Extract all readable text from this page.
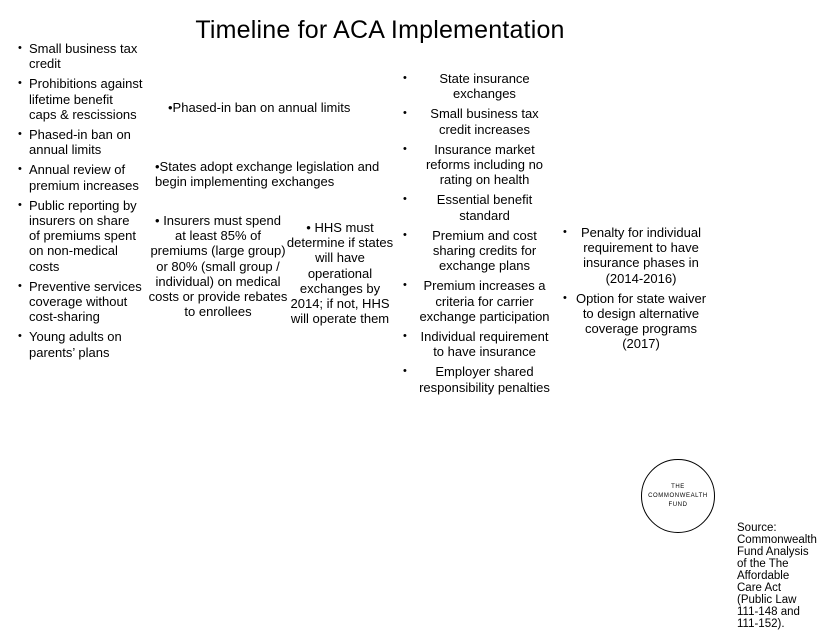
Timeline for ACA Implementation
• Small business tax credit
• Prohibitions against lifetime benefit caps & rescissions
• Phased-in ban on annual limits
• Annual review of premium increases
• Public reporting by insurers on share of premiums spent on non-medical costs
• Preventive services coverage without cost-sharing
• Young adults on parents’ plans
•Phased-in ban on annual limits
•States adopt exchange legislation and begin implementing exchanges
• Insurers must spend at least 85% of premiums (large group) or 80% (small group / individual) on medical costs or provide rebates to enrollees
• HHS must determine if states will have operational exchanges by 2014; if not, HHS will operate them
• State insurance exchanges
• Small business tax credit increases
• Insurance market reforms including no rating on health
• Essential benefit standard
• Premium and cost sharing credits for exchange plans
• Premium increases a criteria for carrier exchange participation
• Individual requirement to have insurance
• Employer shared responsibility penalties
• Penalty for individual requirement to have insurance phases in (2014-2016)
• Option for state waiver to design alternative coverage programs (2017)
THE
COMMONWEALTH
FUND
Source: Commonwealth Fund Analysis of the The Affordable Care Act (Public Law 111-148 and 111-152).
